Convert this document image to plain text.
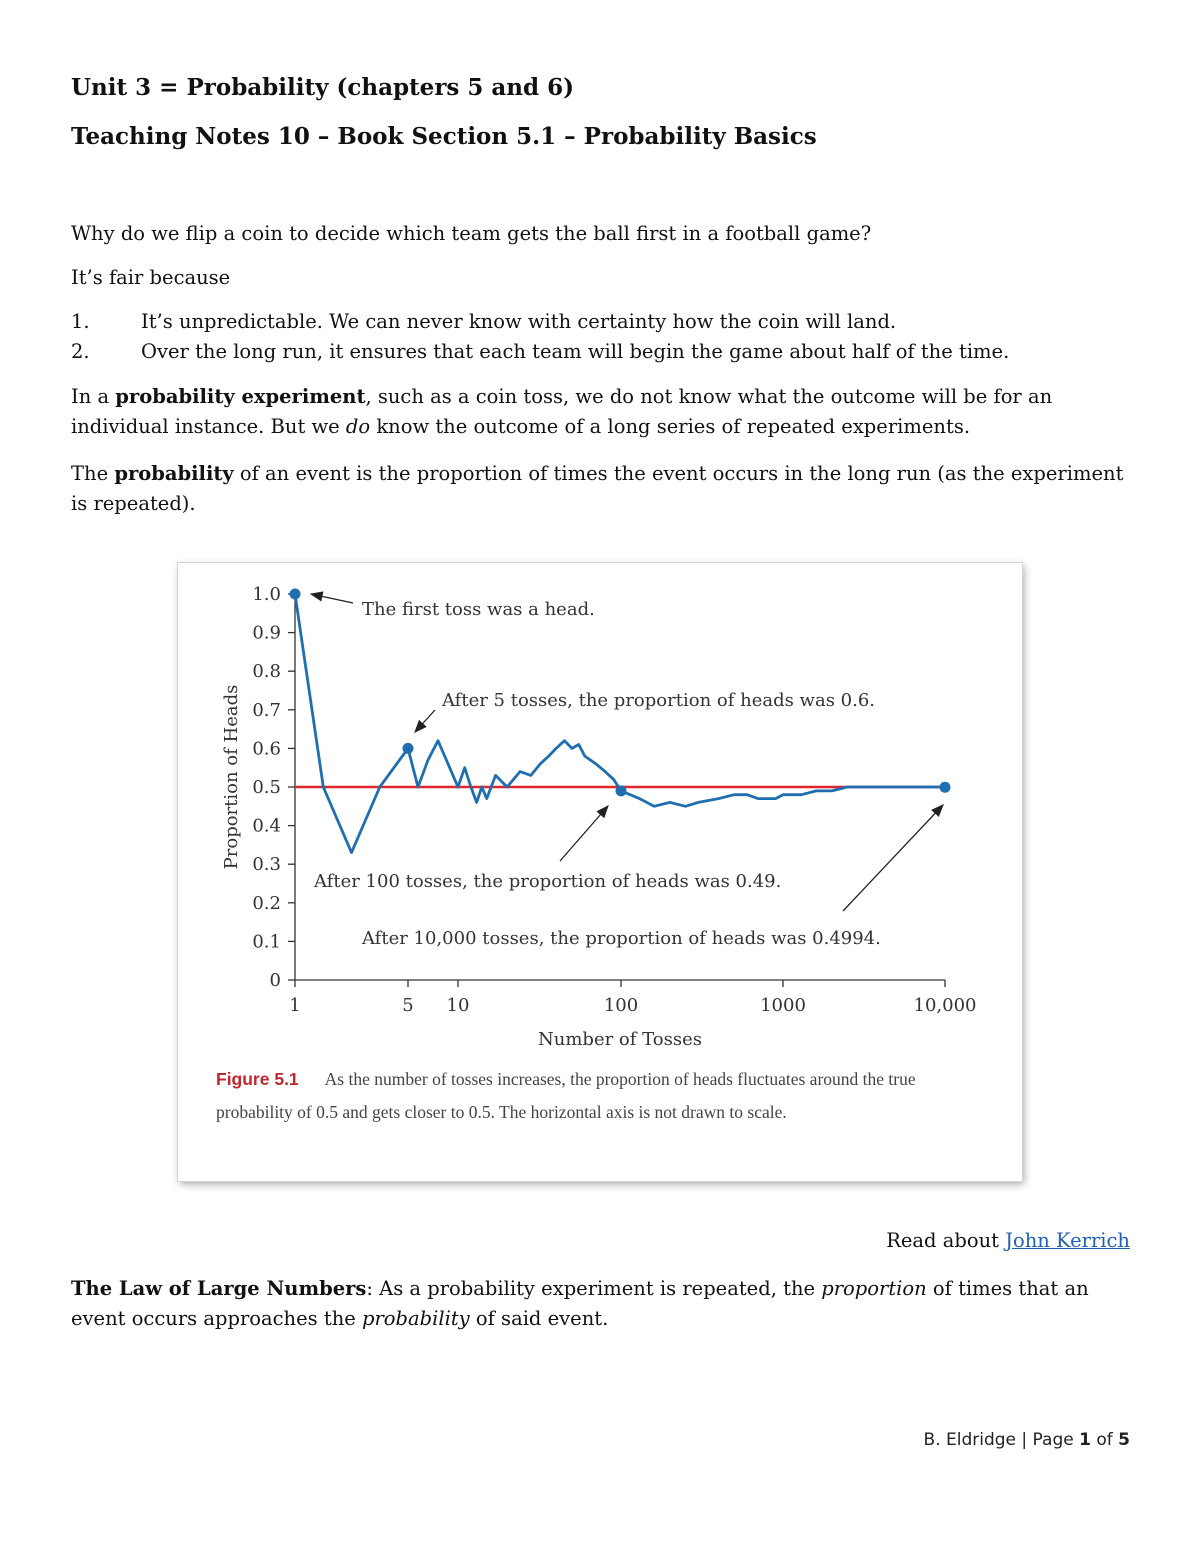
Unit 3 = Probability (chapters 5 and 6)
Teaching Notes 10 – Book Section 5.1 – Probability Basics

Why do we flip a coin to decide which team gets the ball first in a football game?

It’s fair because

1.	It’s unpredictable. We can never know with certainty how the coin will land.
2.	Over the long run, it ensures that each team will begin the game about half of the time.

In a probability experiment, such as a coin toss, we do not know what the outcome will be for an individual instance. But we do know the outcome of a long series of repeated experiments.

The probability of an event is the proportion of times the event occurs in the long run (as the experiment is repeated).

0
0.1
0.2
0.3
0.4
0.5
0.6
0.7
0.8
0.9
1.0
1	5 10	100	1000	10,000
Proportion of Heads
Number of Tosses
The first toss was a head.
After 5 tosses, the proportion of heads was 0.6.
After 100 tosses, the proportion of heads was 0.49.
After 10,000 tosses, the proportion of heads was 0.4994.
Figure 5.1 As the number of tosses increases, the proportion of heads fluctuates around the true probability of 0.5 and gets closer to 0.5. The horizontal axis is not drawn to scale.

Read about John Kerrich

The Law of Large Numbers: As a probability experiment is repeated, the proportion of times that an event occurs approaches the probability of said event.

B. Eldridge | Page 1 of 5
